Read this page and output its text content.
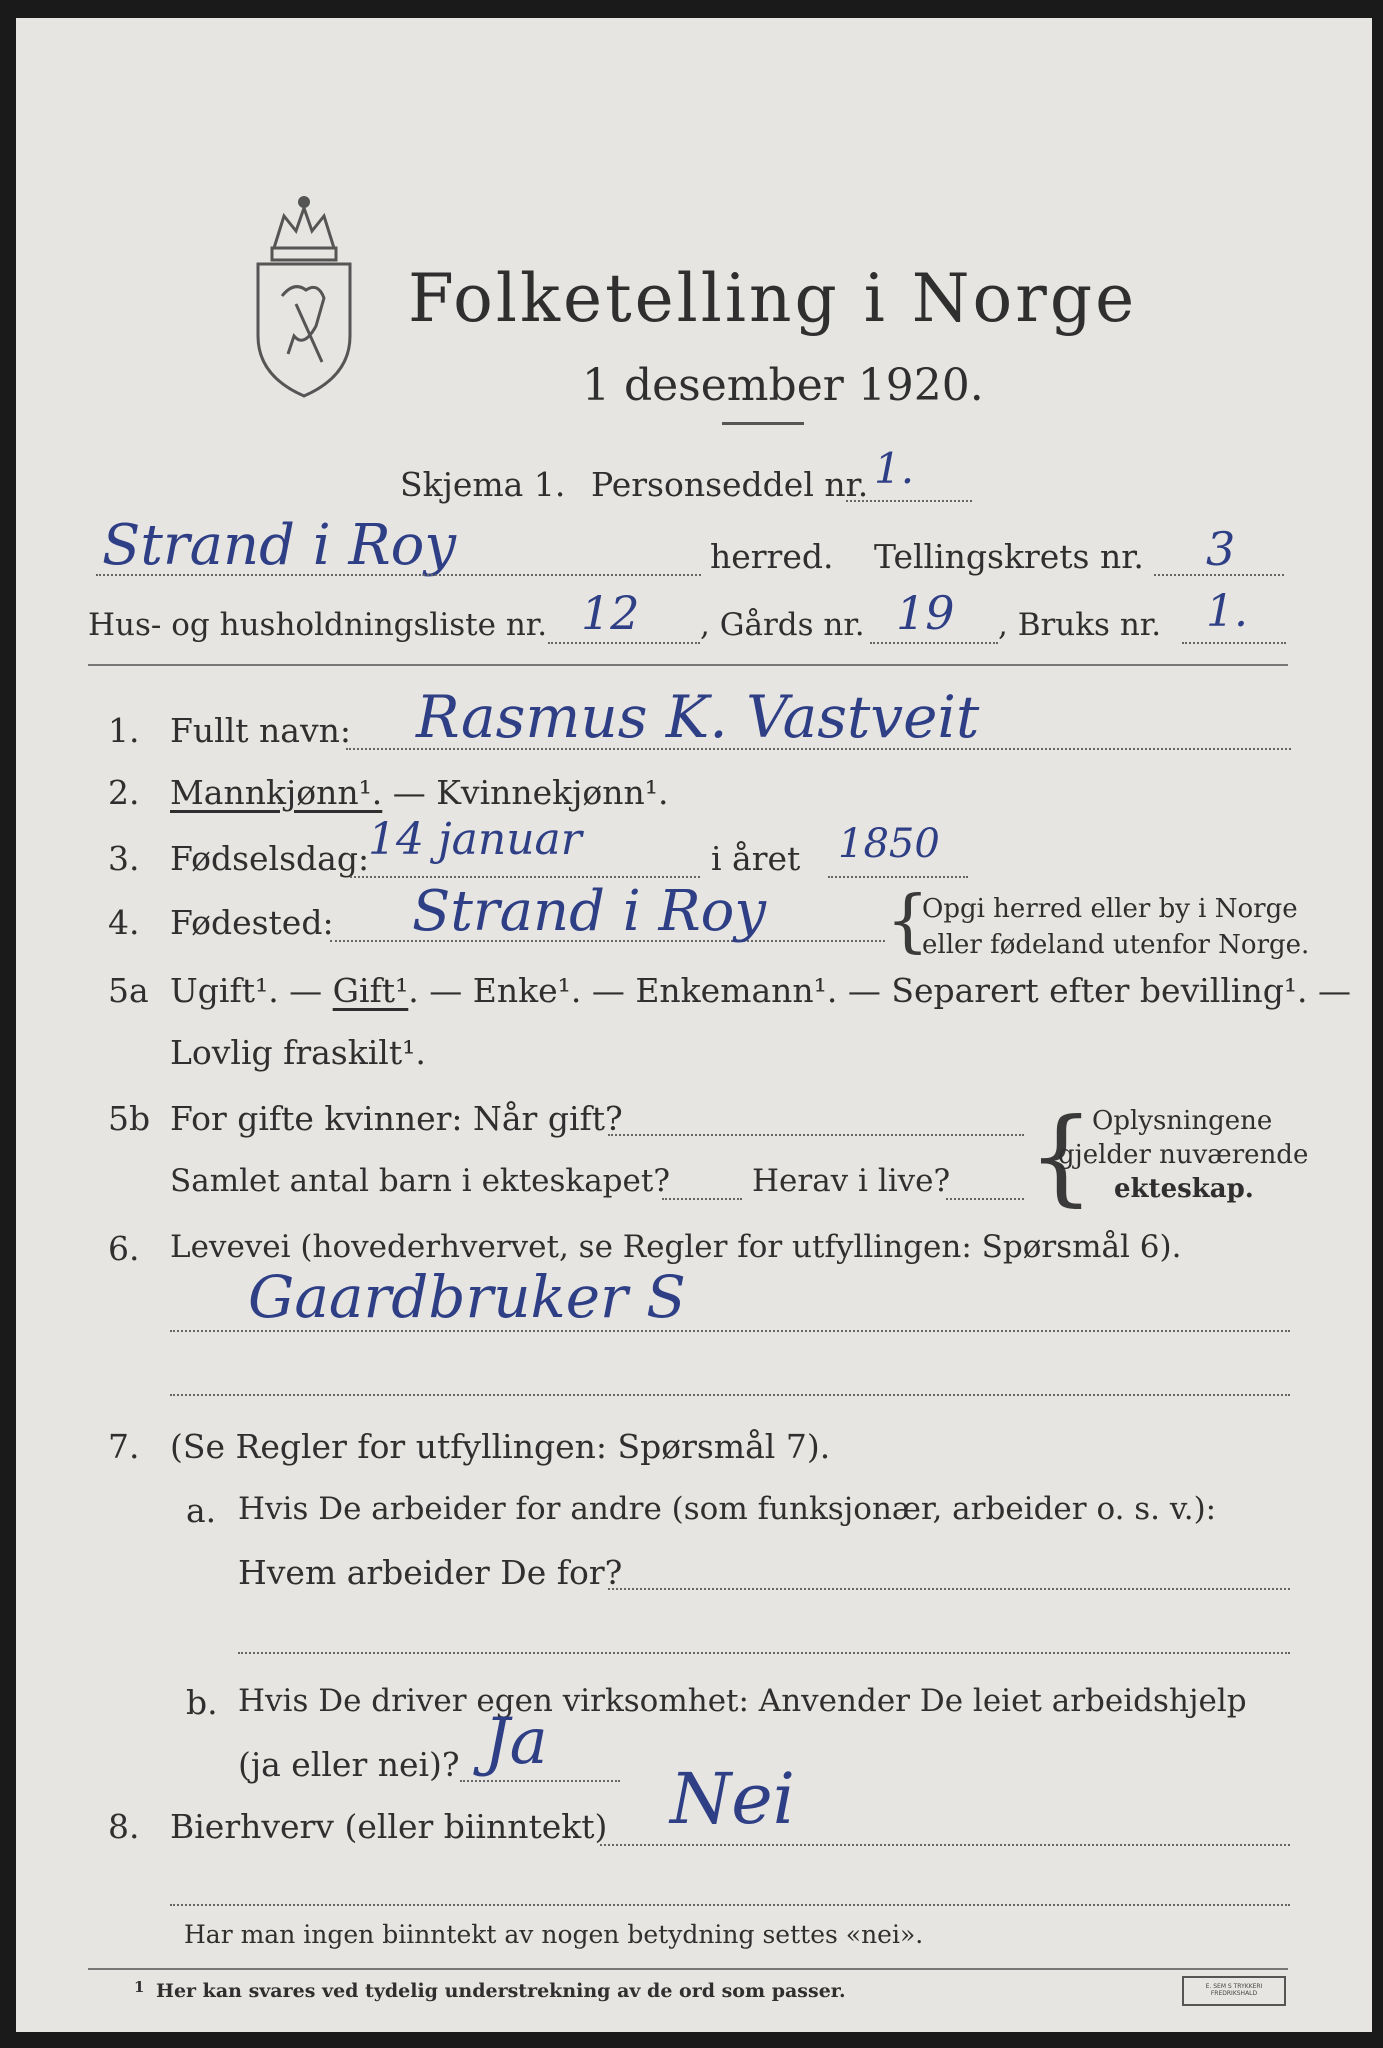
Folketelling i Norge
1 desember 1920.
Skjema 1. Personseddel nr. 1.
Strand i Roy	herred. Tellingskrets nr. 3
Hus- og husholdningsliste nr. 12 , Gårds nr. 19 , Bruks nr. 1.
1. Fullt navn: Rasmus K. Vastveit
2. Mannkjønn¹. — Kvinnekjønn¹.
3. Fødselsdag:
14 januar	i året 1850
4. Fødested: Strand i Roy {
Opgi herred eller by i Norge
eller fødeland utenfor Norge.
5a Ugift¹. — Gift¹. — Enke¹. — Enkemann¹. — Separert efter bevilling¹. —
Lovlig fraskilt¹.
5b For gifte kvinner: Når gift?
Samlet antal barn i ekteskapet?	Herav i live? {
Oplysningene
gjelder nuværende
ekteskap.
6. Levevei (hovederhvervet, se Regler for utfyllingen: Spørsmål 6).
Gaardbruker S
7. (Se Regler for utfyllingen: Spørsmål 7).
a. Hvis De arbeider for andre (som funksjonær, arbeider o. s. v.):
Hvem arbeider De for?
b. Hvis De driver egen virksomhet: Anvender De leiet arbeidshjelp
(ja eller nei)? Ja
8. Bierhverv (eller biinntekt) Nei
Har man ingen biinntekt av nogen betydning settes «nei».
1 Her kan svares ved tydelig understrekning av de ord som passer.	E. SEM S TRYKKERI FREDRIKSHALD
